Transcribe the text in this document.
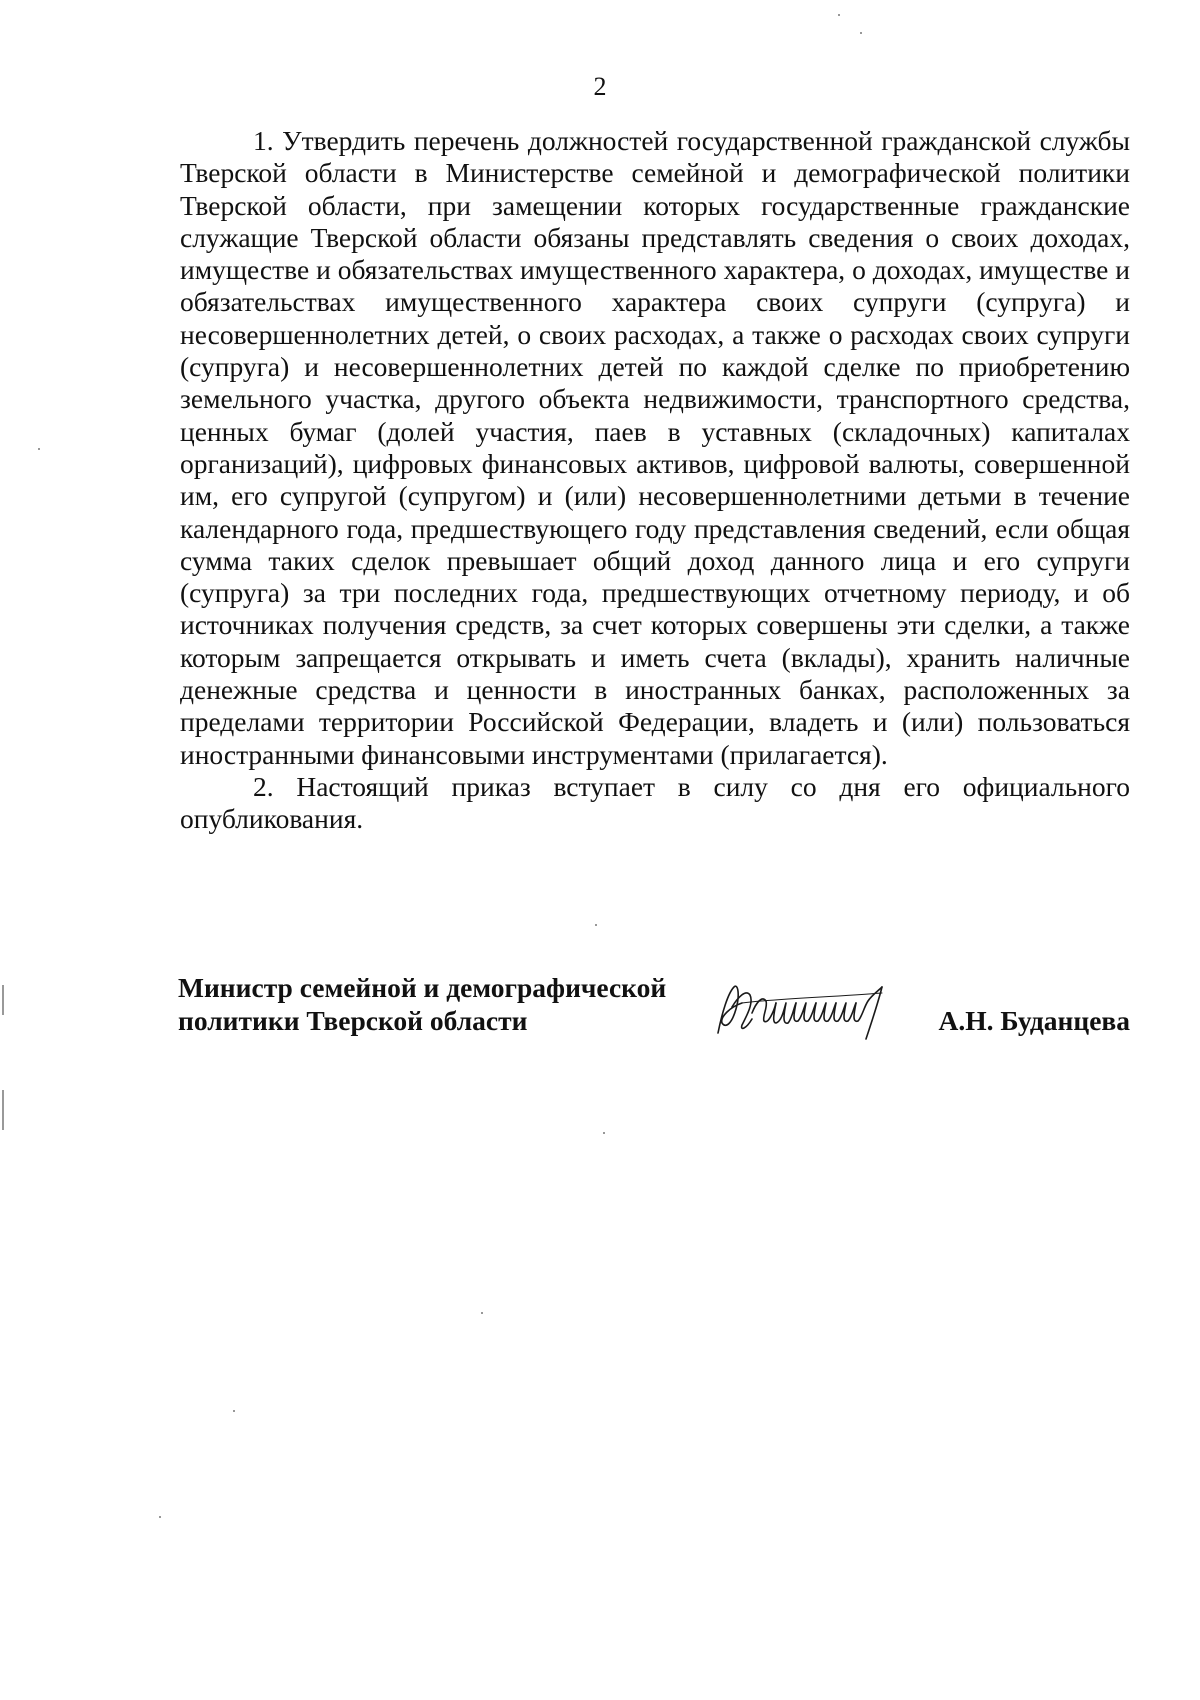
2

1. Утвердить перечень должностей государственной гражданской службы Тверской области в Министерстве семейной и демографической политики Тверской области, при замещении которых государственные гражданские служащие Тверской области обязаны представлять сведения о своих доходах, имуществе и обязательствах имущественного характера, о доходах, имуществе и обязательствах имущественного характера своих супруги (супруга) и несовершеннолетних детей, о своих расходах, а также о расходах своих супруги (супруга) и несовершеннолетних детей по каждой сделке по приобретению земельного участка, другого объекта недвижимости, транспортного средства, ценных бумаг (долей участия, паев в уставных (складочных) капиталах организаций), цифровых финансовых активов, цифровой валюты, совершенной им, его супругой (супругом) и (или) несовершеннолетними детьми в течение календарного года, предшествующего году представления сведений, если общая сумма таких сделок превышает общий доход данного лица и его супруги (супруга) за три последних года, предшествующих отчетному периоду, и об источниках получения средств, за счет которых совершены эти сделки, а также которым запрещается открывать и иметь счета (вклады), хранить наличные денежные средства и ценности в иностранных банках, расположенных за пределами территории Российской Федерации, владеть и (или) пользоваться иностранными финансовыми инструментами (прилагается).

2. Настоящий приказ вступает в силу со дня его официального опубликования.

Министр семейной и демографической
политики Тверской области	А.Н. Буданцева
